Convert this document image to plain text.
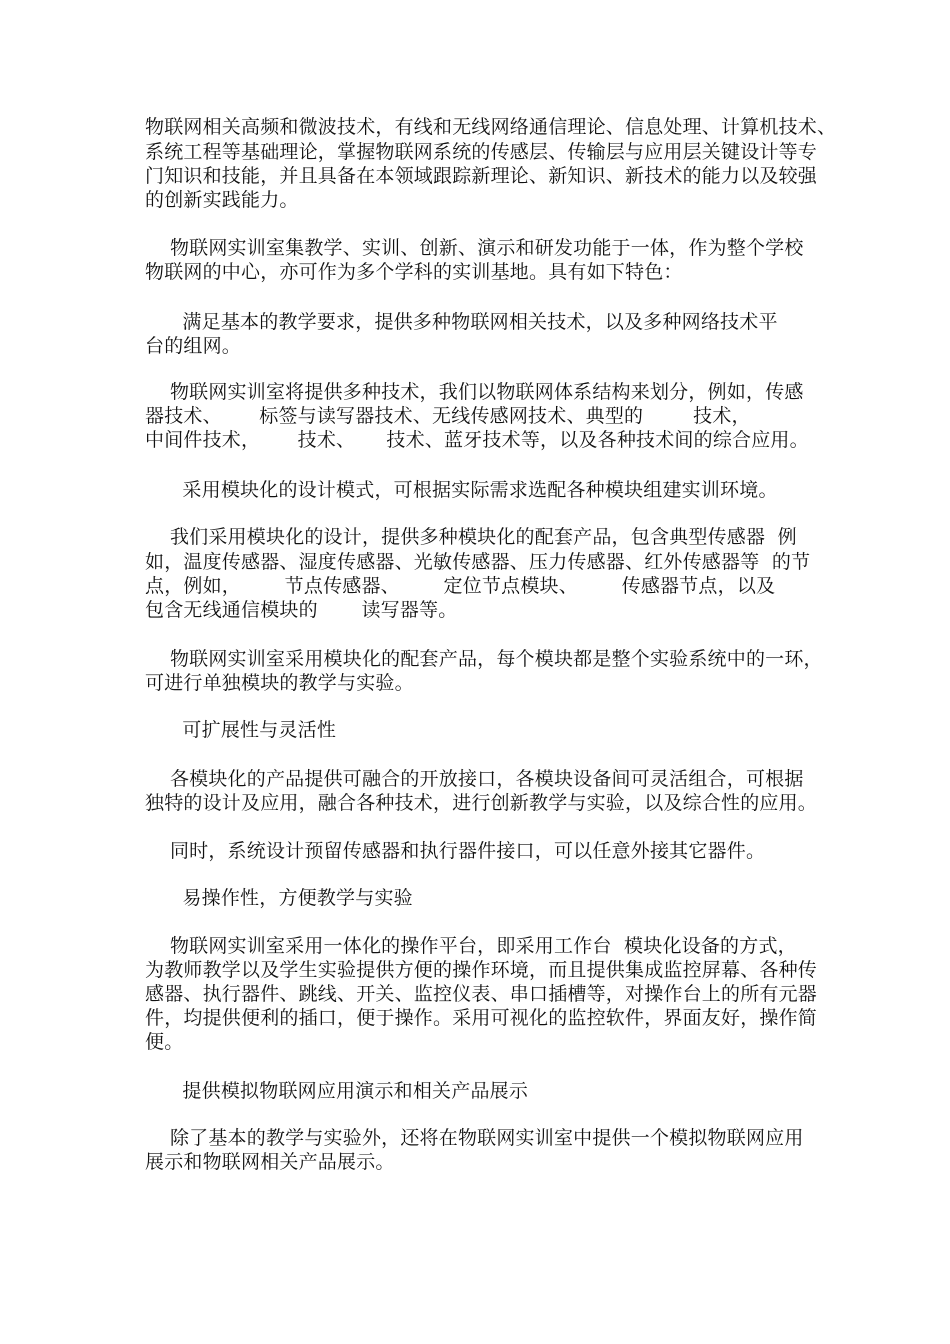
物联网相关高频和微波技术，有线和无线网络通信理论、信息处理、计算机技术、
系统工程等基础理论，掌握物联网系统的传感层、传输层与应用层关键设计等专
门知识和技能，并且具备在本领域跟踪新理论、新知识、新技术的能力以及较强
的创新实践能力。
物联网实训室集教学、实训、创新、演示和研发功能于一体，作为整个学校
物联网的中心，亦可作为多个学科的实训基地。具有如下特色：
满足基本的教学要求，提供多种物联网相关技术，以及多种网络技术平
台的组网。
物联网实训室将提供多种技术，我们以物联网体系结构来划分，例如，传感
器技术、      标签与读写器技术、无线传感网技术、典型的        技术，
中间件技术，      技术、     技术、蓝牙技术等，以及各种技术间的综合应用。
采用模块化的设计模式，可根据实际需求选配各种模块组建实训环境。
我们采用模块化的设计，提供多种模块化的配套产品，包含典型传感器  例
如，温度传感器、湿度传感器、光敏传感器、压力传感器、红外传感器等  的节
点，例如，       节点传感器、       定位节点模块、       传感器节点，以及
包含无线通信模块的       读写器等。
物联网实训室采用模块化的配套产品，每个模块都是整个实验系统中的一环，
可进行单独模块的教学与实验。
可扩展性与灵活性
各模块化的产品提供可融合的开放接口，各模块设备间可灵活组合，可根据
独特的设计及应用，融合各种技术，进行创新教学与实验，以及综合性的应用。
同时，系统设计预留传感器和执行器件接口，可以任意外接其它器件。
易操作性，方便教学与实验
物联网实训室采用一体化的操作平台，即采用工作台  模块化设备的方式，
为教师教学以及学生实验提供方便的操作环境，而且提供集成监控屏幕、各种传
感器、执行器件、跳线、开关、监控仪表、串口插槽等，对操作台上的所有元器
件，均提供便利的插口，便于操作。采用可视化的监控软件，界面友好，操作简
便。
提供模拟物联网应用演示和相关产品展示
除了基本的教学与实验外，还将在物联网实训室中提供一个模拟物联网应用
展示和物联网相关产品展示。
